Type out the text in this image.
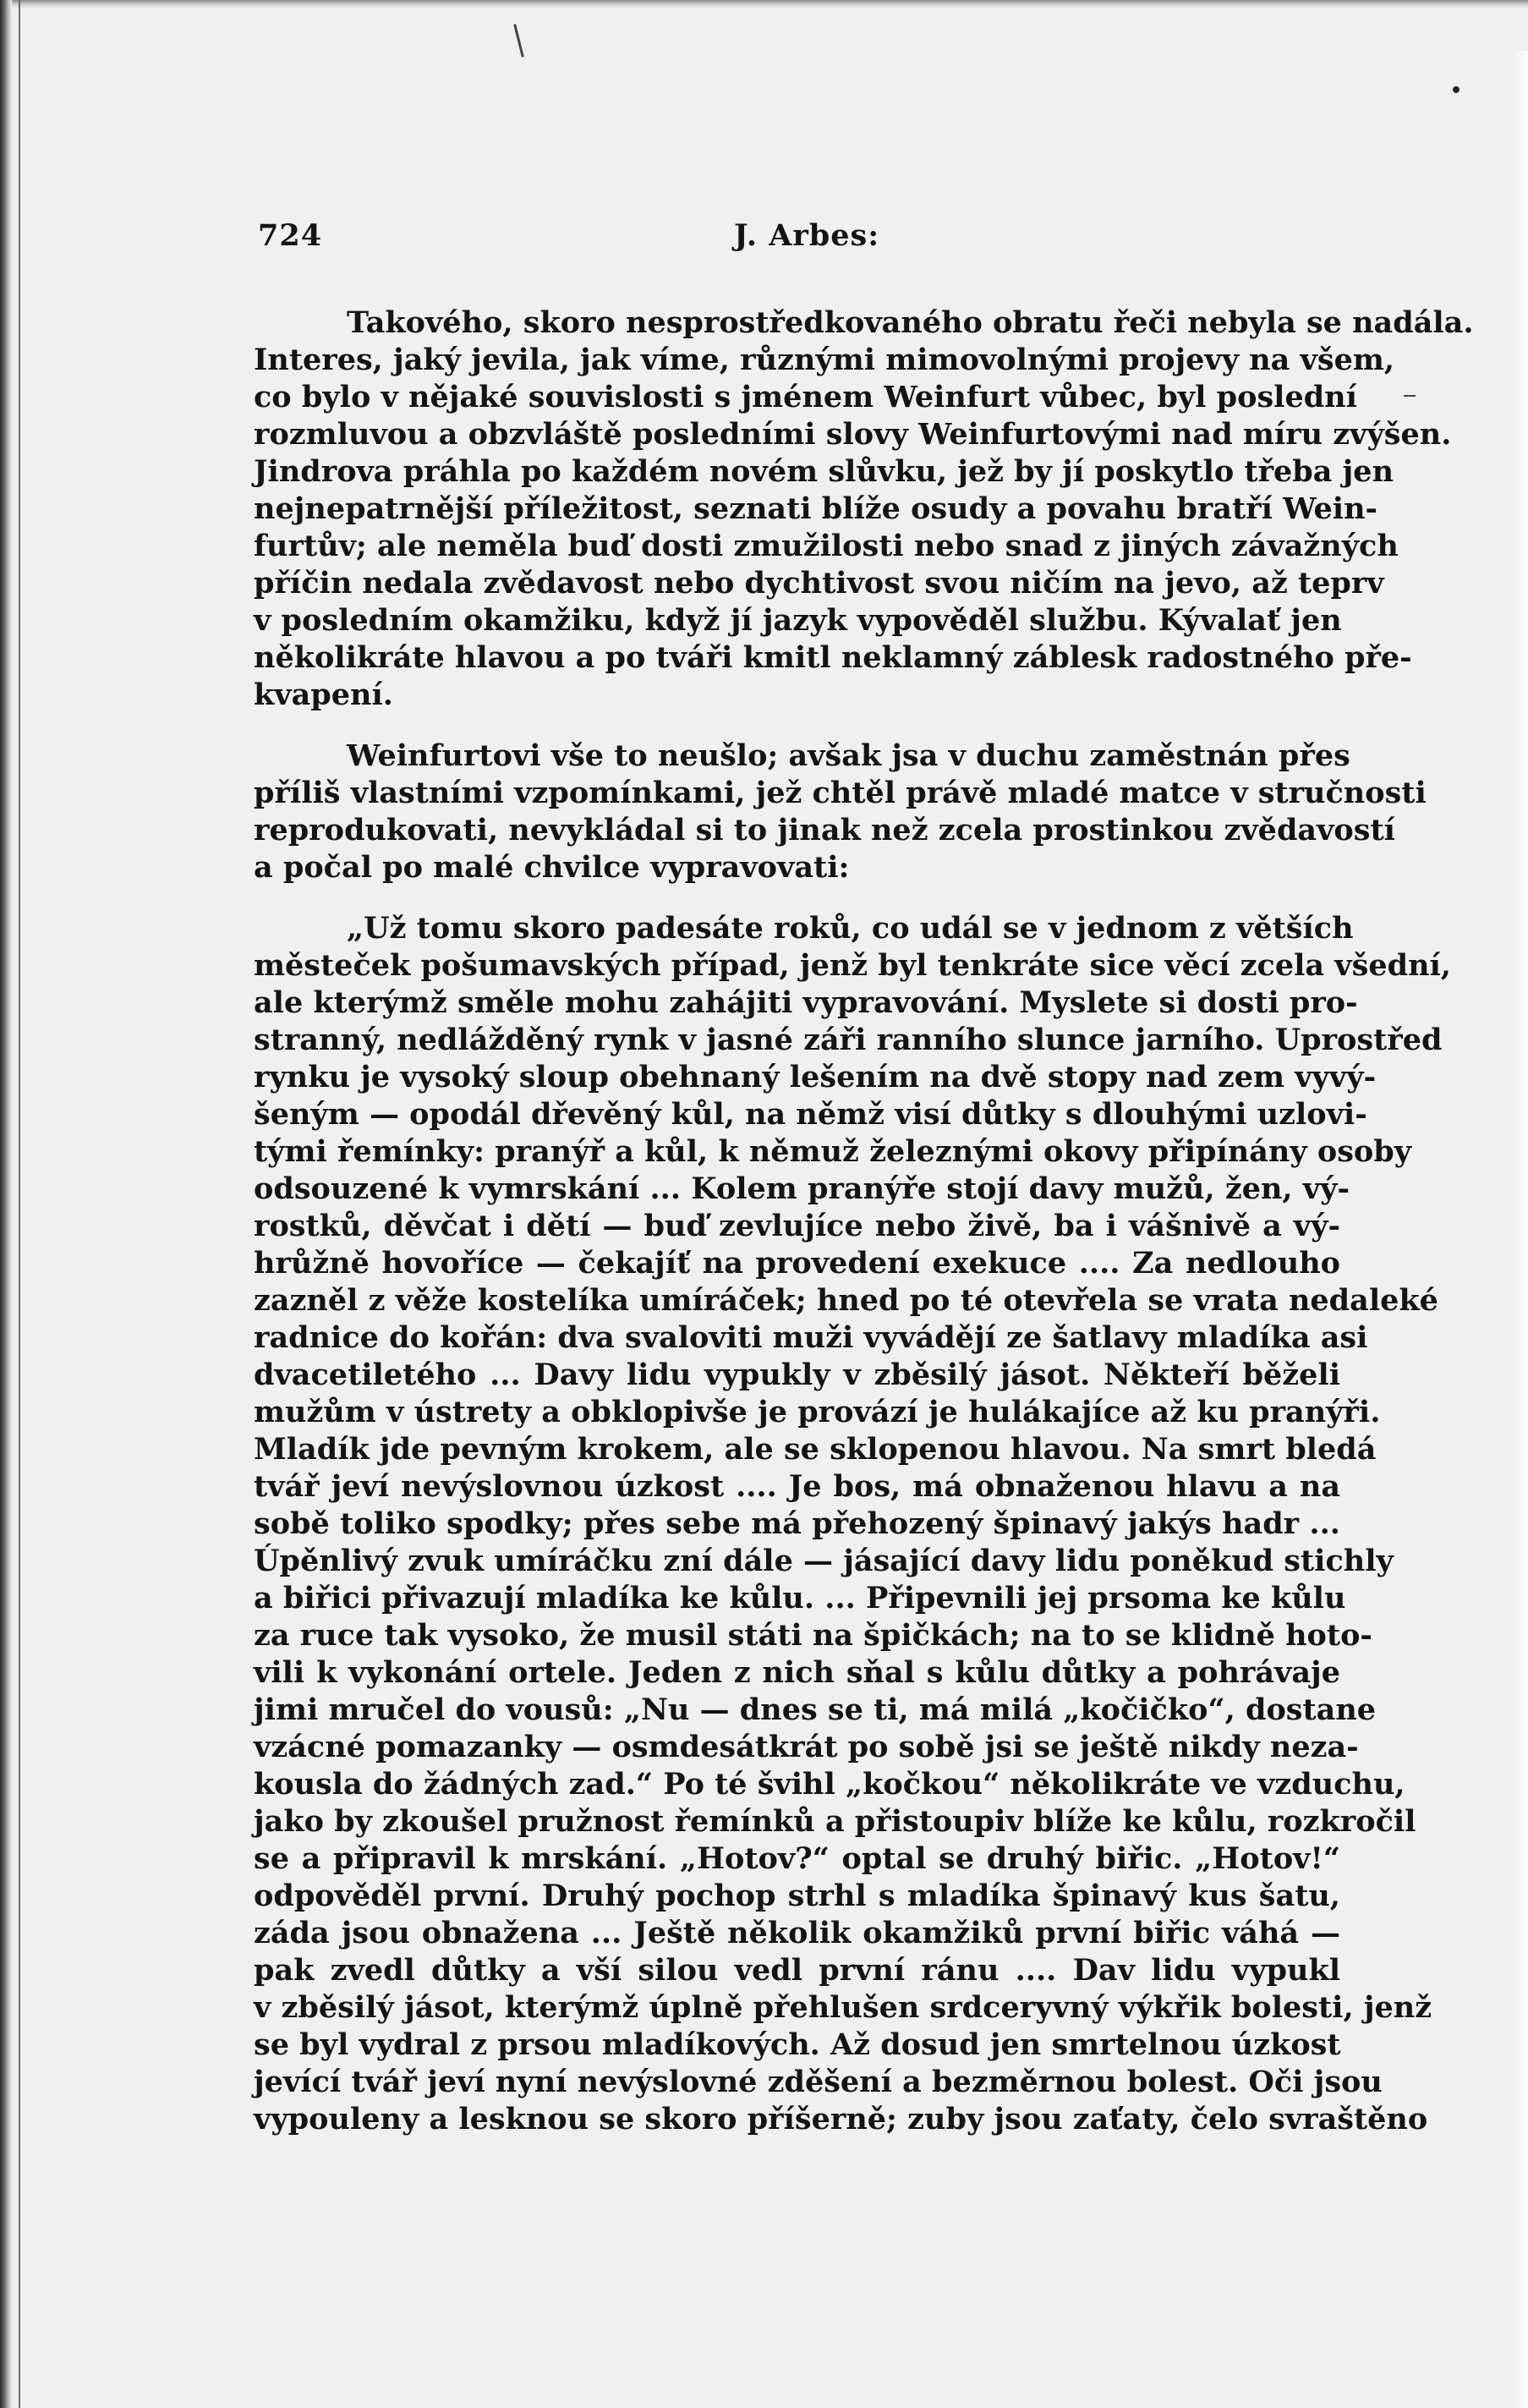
724	J. Arbes:

Takového, skoro nesprostředkovaného obratu řeči nebyla se nadála.
Interes, jaký jevila, jak víme, různými mimovolnými projevy na všem,
co bylo v nějaké souvislosti s jménem Weinfurt vůbec, byl poslední
rozmluvou a obzvláště posledními slovy Weinfurtovými nad míru zvýšen.
Jindrova práhla po každém novém slůvku, jež by jí poskytlo třeba jen
nejnepatrnější příležitost, seznati blíže osudy a povahu bratří Wein-
furtův; ale neměla buď dosti zmužilosti nebo snad z jiných závažných
příčin nedala zvědavost nebo dychtivost svou ničím na jevo, až teprv
v posledním okamžiku, když jí jazyk vypověděl službu. Kývalať jen
několikráte hlavou a po tváři kmitl neklamný záblesk radostného pře-
kvapení.

Weinfurtovi vše to neušlo; avšak jsa v duchu zaměstnán přes
příliš vlastními vzpomínkami, jež chtěl právě mladé matce v stručnosti
reprodukovati, nevykládal si to jinak než zcela prostinkou zvědavostí
a počal po malé chvilce vypravovati:

„Už tomu skoro padesáte roků, co udál se v jednom z větších
městeček pošumavských případ, jenž byl tenkráte sice věcí zcela všední,
ale kterýmž směle mohu zahájiti vypravování. Myslete si dosti pro-
stranný, nedlážděný rynk v jasné záři ranního slunce jarního. Uprostřed
rynku je vysoký sloup obehnaný lešením na dvě stopy nad zem vyvý-
šeným — opodál dřevěný kůl, na němž visí důtky s dlouhými uzlovi-
tými řemínky: pranýř a kůl, k němuž železnými okovy připínány osoby
odsouzené k vymrskání ... Kolem pranýře stojí davy mužů, žen, vý-
rostků, děvčat i dětí — buď zevlujíce nebo živě, ba i vášnivě a vý-
hrůžně hovoříce — čekajíť na provedení exekuce .... Za nedlouho
zazněl z věže kostelíka umíráček; hned po té otevřela se vrata nedaleké
radnice do kořán: dva svaloviti muži vyvádějí ze šatlavy mladíka asi
dvacetiletého ... Davy lidu vypukly v zběsilý jásot. Někteří běželi
mužům v ústrety a obklopivše je provází je hulákajíce až ku pranýři.
Mladík jde pevným krokem, ale se sklopenou hlavou. Na smrt bledá
tvář jeví nevýslovnou úzkost .... Je bos, má obnaženou hlavu a na
sobě toliko spodky; přes sebe má přehozený špinavý jakýs hadr ...
Úpěnlivý zvuk umíráčku zní dále — jásající davy lidu poněkud stichly
a biřici přivazují mladíka ke kůlu. ... Připevnili jej prsoma ke kůlu
za ruce tak vysoko, že musil státi na špičkách; na to se klidně hoto-
vili k vykonání ortele. Jeden z nich sňal s kůlu důtky a pohrávaje
jimi mručel do vousů: „Nu — dnes se ti, má milá „kočičko“, dostane
vzácné pomazanky — osmdesátkrát po sobě jsi se ještě nikdy neza-
kousla do žádných zad.“ Po té švihl „kočkou“ několikráte ve vzduchu,
jako by zkoušel pružnost řemínků a přistoupiv blíže ke kůlu, rozkročil
se a připravil k mrskání. „Hotov?“ optal se druhý biřic. „Hotov!“
odpověděl první. Druhý pochop strhl s mladíka špinavý kus šatu,
záda jsou obnažena ... Ještě několik okamžiků první biřic váhá —
pak zvedl důtky a vší silou vedl první ránu .... Dav lidu vypukl
v zběsilý jásot, kterýmž úplně přehlušen srdceryvný výkřik bolesti, jenž
se byl vydral z prsou mladíkových. Až dosud jen smrtelnou úzkost
jevící tvář jeví nyní nevýslovné zděšení a bezměrnou bolest. Oči jsou
vypouleny a lesknou se skoro příšerně; zuby jsou zaťaty, čelo svraštěno
